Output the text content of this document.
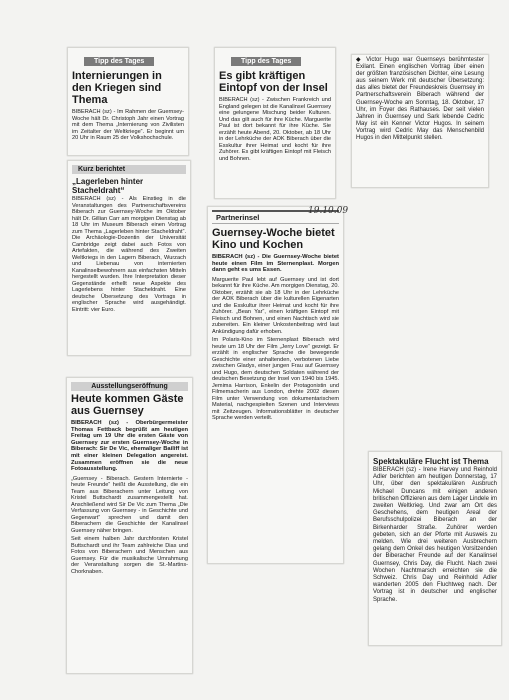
Tipp des Tages
Internierungen in den Kriegen sind Thema
BIBERACH (sz) - Im Rahmen der Guernsey-Woche hält Dr. Christoph Jahr einen Vortrag mit dem Thema „Internierung von Zivilisten im Zeitalter der Weltkriege“. Er beginnt um 20 Uhr in Raum 25 der Volkshochschule.
Kurz berichtet
„Lagerleben hinter Stacheldraht“
BIBERACH (sz) - Als Einstieg in die Veranstaltungen des Partnerschaftsvereins Biberach zur Guernsey-Woche im Oktober hält Dr. Gillian Carr am morgigen Dienstag ab 18 Uhr im Museum Biberach einen Vortrag zum Thema „Lagerleben hinter Stacheldraht“. Die Archäologie-Dozentin der Universität Cambridge zeigt dabei auch Fotos von Artefakten, die während des Zweiten Weltkriegs in den Lagern Biberach, Wurzach und Liebenau von internierten Kanalinselbewohnern aus einfachsten Mitteln hergestellt wurden. Ihre Interpretation dieser Gegenstände erhellt neue Aspekte des Lagerlebens hinter Stacheldraht. Eine deutsche Übersetzung des Vortrags in englischer Sprache wird ausgehändigt. Eintritt: vier Euro.
Ausstellungseröffnung
Heute kommen Gäste aus Guernsey
BIBERACH (sz) - Oberbürgermeister Thomas Fettback begrüßt am heutigen Freitag um 19 Uhr die ersten Gäste von Guernsey zur ersten Guernsey-Woche in Biberach: Sir De Vic, ehemaliger Bailiff ist mit einer kleinen Delegation angereist. Zusammen eröffnen sie die neue Fotoausstellung.
„Guernsey - Biberach. Gestern Internierte - heute Freunde“ heißt die Ausstellung, die ein Team aus Biberachern unter Leitung von Kristel Buttschardt zusammengestellt hat. Anschließend wird Sir De Vic zum Thema „Die Verfassung von Guernsey - in Geschichte und Gegenwart“ sprechen und damit den Biberachern die Geschichte der Kanalinsel Guernsey näher bringen.
Seit einem halben Jahr durchforsten Kristel Buttschardt und ihr Team zahlreiche Dias und Fotos von Biberachern und Menschen aus Guernsey. Für die musikalische Umrahmung der Veranstaltung sorgen die St.-Martins-Chorknaben.
Tipp des Tages
Es gibt kräftigen Eintopf von der Insel
BIBERACH (sz) - Zwischen Frankreich und England gelegen ist die Kanalinsel Guernsey eine gelungene Mischung beider Kulturen. Und das gilt auch für ihre Küche. Marguerite Paul ist dort bekannt für ihre Küche. Sie erzählt heute Abend, 20. Oktober, ab 18 Uhr in der Lehrküche der AOK Biberach über die Esskultur ihrer Heimat und kocht für ihre Zuhörer. Es gibt kräftigen Eintopf mit Fleisch und Bohnen.
Partnerinsel
Guernsey-Woche bietet Kino und Kochen
BIBERACH (sz) - Die Guernsey-Woche bietet heute einen Film im Sternenplast. Morgen dann geht es ums Essen.
Marguerite Paul lebt auf Guernsey und ist dort bekannt für ihre Küche. Am morgigen Dienstag, 20. Oktober, erzählt sie ab 18 Uhr in der Lehrküche der AOK Biberach über die kulturellen Eigenarten und die Esskultur ihrer Heimat und kocht für ihre Zuhörer. „Bean Yar“, einen kräftigen Eintopf mit Fleisch und Bohnen, und einen Nachtisch wird sie zubereiten. Ein kleiner Unkostenbeitrag wird laut Ankündigung dafür erhoben.
Im Polaris-Kino im Sternenplast Biberach wird heute um 18 Uhr der Film „Jerry Love“ gezeigt. Er erzählt in englischer Sprache die bewegende Geschichte einer anhaltenden, verbotenen Liebe zwischen Gladys, einer jungen Frau auf Guernsey und Hugo, dem deutschen Soldaten während der deutschen Besetzung der Insel von 1940 bis 1945. Jemima Harrison, Enkelin der Protagonistin und Filmemacherin aus London, drehte 2002 diesen Film unter Verwendung von dokumentarischem Material, nachgespielten Szenen und Interviews mit Zeitzeugen. Informationsblätter in deutscher Sprache werden verteilt.
19.10.09
◆ Victor Hugo war Guernseys berühmtester Exilant. Einen englischen Vortrag über einen der größten französischen Dichter, eine Lesung aus seinem Werk mit deutscher Übersetzung: das alles bietet der Freundeskreis Guernsey im Partnerschaftsverein Biberach während der Guernsey-Woche am Sonntag, 18. Oktober, 17 Uhr, im Foyer des Rathauses. Der seit vielen Jahren in Guernsey und Sark lebende Cedric May ist ein Kenner Victor Hugos. In seinem Vortrag wird Cedric May das Menschenbild Hugos in den Mittelpunkt stellen.
Spektakuläre Flucht ist Thema
BIBERACH (sz) - Irene Harvey und Reinhold Adler berichten am heutigen Donnerstag, 17 Uhr, über den spektakulären Ausbruch Michael Duncans mit einigen anderen britischen Offizieren aus dem Lager Lindele im zweiten Weltkrieg. Und zwar am Ort des Geschehens, dem heutigen Areal der Berufsschulpolizei Biberach an der Birkenharder Straße. Zuhörer werden gebeten, sich an der Pforte mit Ausweis zu melden. Wie drei weiteren Ausbrechern gelang dem Onkel des heutigen Vorsitzenden der Biberacher Freunde auf der Kanalinsel Guernsey, Chris Day, die Flucht. Nach zwei Wochen Nachtmarsch erreichten sie die Schweiz. Chris Day und Reinhold Adler wanderten 2005 den Fluchtweg nach. Der Vortrag ist in deutscher und englischer Sprache.
